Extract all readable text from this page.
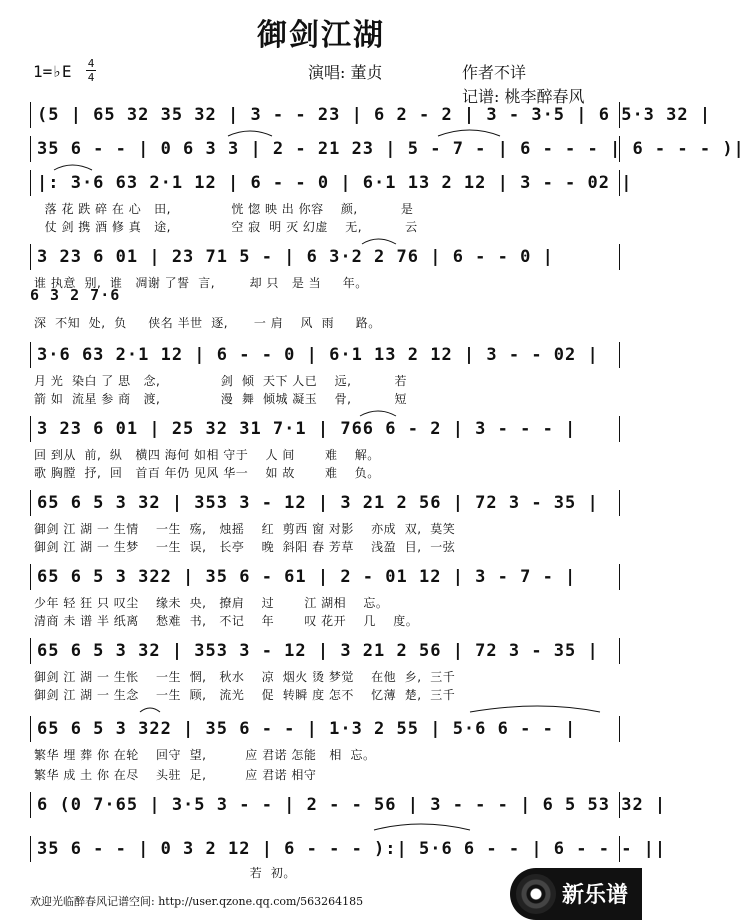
御剑江湖
1=♭E 4
4	演唱: 董贞	作者不详
记谱: 桃李醉春风
(5 | 65 32 35 32 | 3 - - 23 | 6 2 - 2 | 3 - 3·5 | 6 5·3 32 |
35 6 - - | 0 6 3 3 | 2 - 21 23 | 5 - 7 - | 6 - - - | 6 - - - )|
|: 3·6 63 2·1 12 | 6 - - 0 | 6·1 13 2 12 | 3 - - 02 |
落 花 跌 碎 在 心   田,              恍 惚 映 出 你容    颜,          是
仗 剑 携 酒 修 真   途,              空 寂  明 灭 幻虚    无,          云
3 23 6 01 | 23 71 5 - | 6 3·2 2 76 | 6 - - 0 |
谁 执意  别,  谁   凋谢 了誓  言,        却 只   是 当     年。
6 3 2 7·6
深  不知  处,  负     侠名 半世  逐,      一 肩    风  雨     路。
3·6 63 2·1 12 | 6 - - 0 | 6·1 13 2 12 | 3 - - 02 |
月 光  染白 了 思   念,              剑  倾  天下 人已    远,          若
箭 如  流星 参 商   渡,              漫  舞  倾城 凝玉    骨,          短
3 23 6 01 | 25 32 31 7·1 | 766 6 - 2 | 3 - - - |
回 到从  前,  纵   横四 海何 如相 守于    人 间       难    解。
歌 胸膛  抒,  回   首百 年仍 见风 华一    如 故       难    负。
65 6 5 3 32 | 353 3 - 12 | 3 21 2 56 | 72 3 - 35 |
御剑 江 湖 一 生情    一生  殇,   烛摇    红  剪西 窗 对影    亦成  双,  莫笑
御剑 江 湖 一 生梦    一生  误,   长亭    晚  斜阳 春 芳草    浅盈  目,  一弦
65 6 5 3 322 | 35 6 - 61 | 2 - 01 12 | 3 - 7 - |
少年 轻 狂 只 叹尘    缘未  央,   撩肩    过       江 湖相    忘。
清商 未 谱 半 纸离    愁难  书,   不记    年       叹 花开    几    度。
65 6 5 3 32 | 353 3 - 12 | 3 21 2 56 | 72 3 - 35 |
御剑 江 湖 一 生怅    一生  惘,   秋水    凉  烟火 烫 梦觉    在他  乡,  三千
御剑 江 湖 一 生念    一生  顾,   流光    促  转瞬 度 怎不    忆薄  楚,  三千
65 6 5 3 322 | 35 6 - - | 1·3 2 55 | 5·6 6 - - |
繁华 埋 葬 你 在轮    回守  望,         应 君诺 怎能   相  忘。
繁华 成 土 你 在尽    头驻  足,         应 君诺 相守
6 (0 7·65 | 3·5 3 - - | 2 - - 56 | 3 - - - | 6 5 53 32 |
35 6 - - | 0 3 2 12 | 6 - - - ):| 5·6 6 - - | 6 - - - ||
若  初。
欢迎光临醉春风记谱空间: http://user.qzone.qq.com/563264185	新乐谱
